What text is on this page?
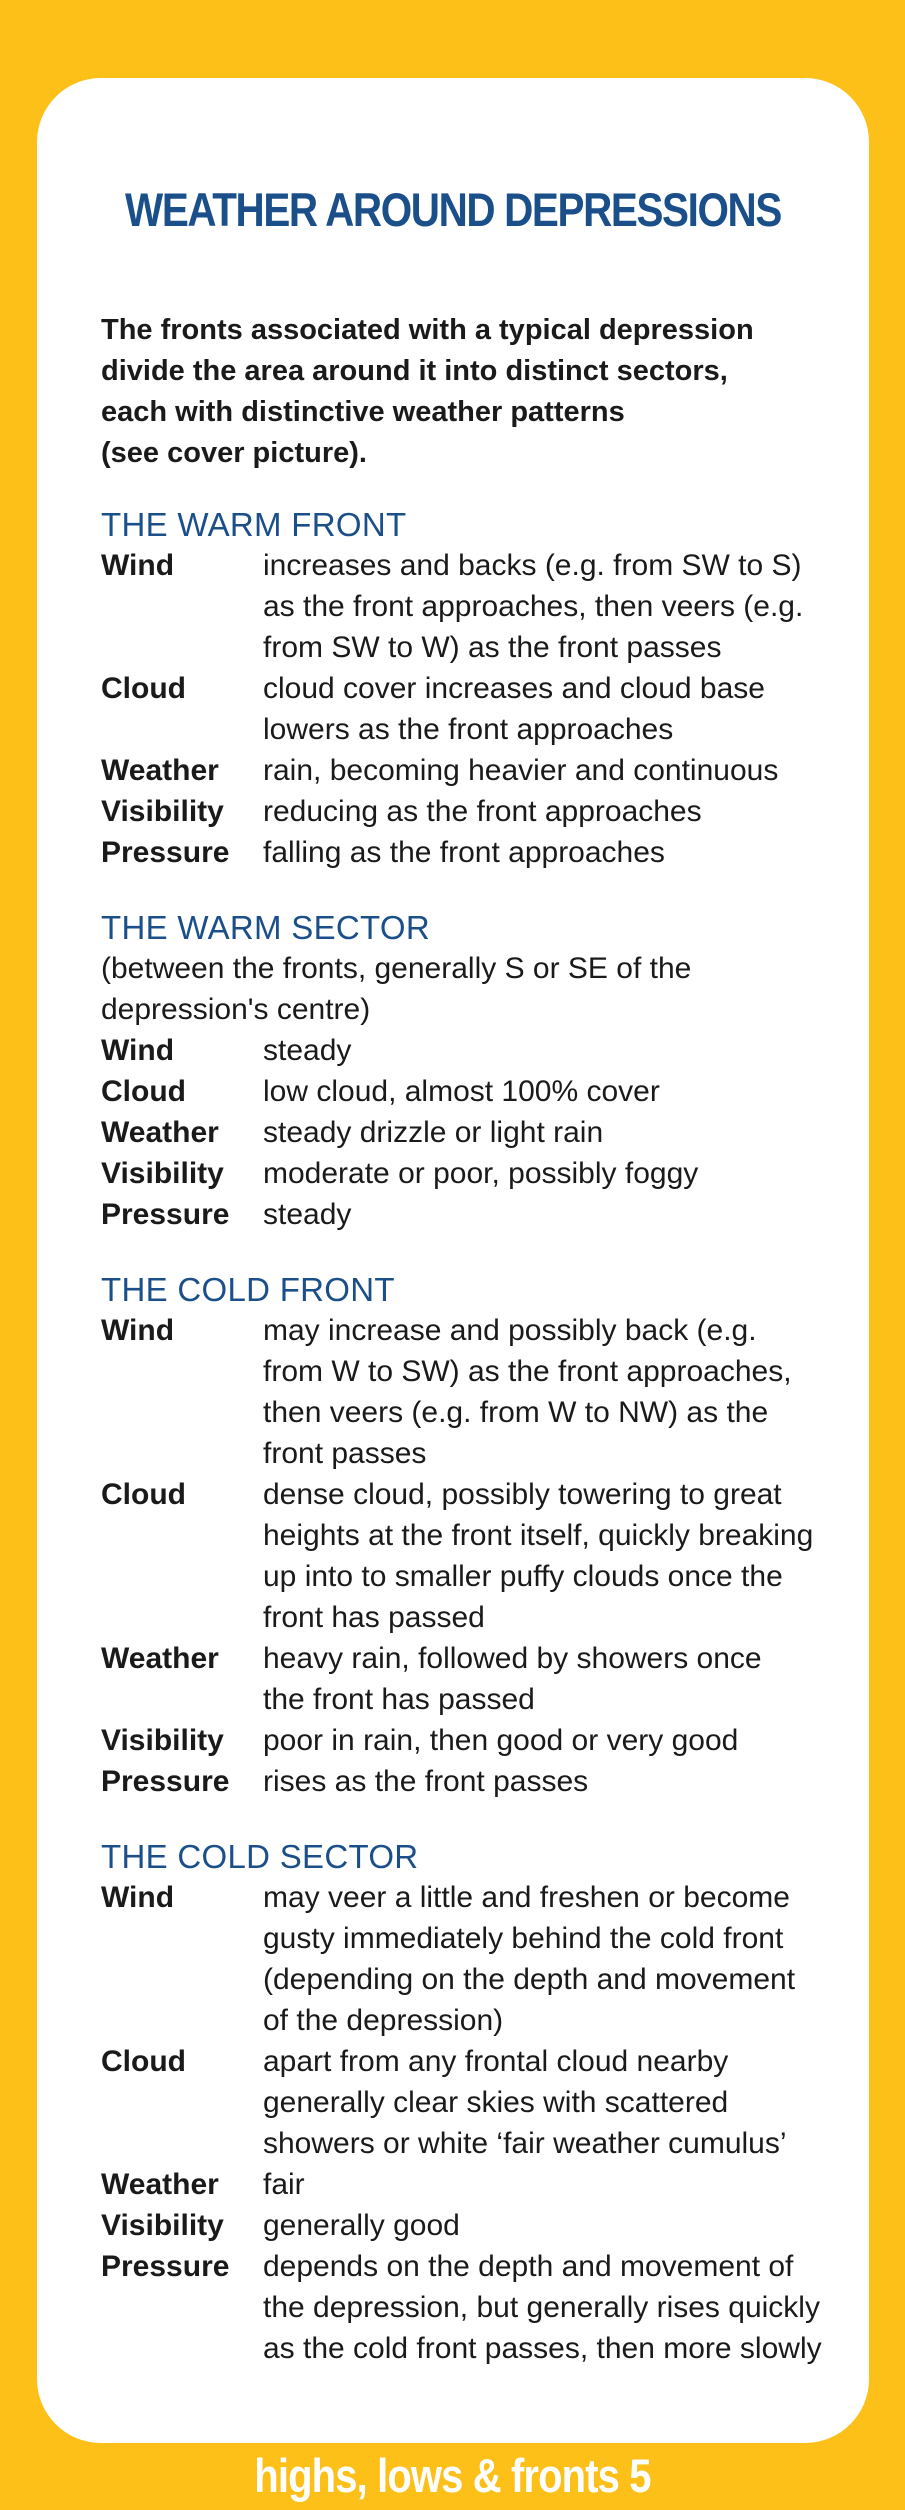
WEATHER AROUND DEPRESSIONS

The fronts associated with a typical depression
divide the area around it into distinct sectors,
each with distinctive weather patterns
(see cover picture).

THE WARM FRONT
Wind	increases and backs (e.g. from SW to S)
as the front approaches, then veers (e.g.
from SW to W) as the front passes
Cloud	cloud cover increases and cloud base
lowers as the front approaches
Weather	rain, becoming heavier and continuous
Visibility	reducing as the front approaches
Pressure	falling as the front approaches
THE WARM SECTOR

(between the fronts, generally S or SE of the
depression's centre)

Wind	steady
Cloud	low cloud, almost 100% cover
Weather	steady drizzle or light rain
Visibility	moderate or poor, possibly foggy
Pressure	steady
THE COLD FRONT
Wind	may increase and possibly back (e.g.
from W to SW) as the front approaches,
then veers (e.g. from W to NW) as the
front passes
Cloud	dense cloud, possibly towering to great
heights at the front itself, quickly breaking
up into to smaller puffy clouds once the
front has passed
Weather	heavy rain, followed by showers once
the front has passed
Visibility	poor in rain, then good or very good
Pressure	rises as the front passes
THE COLD SECTOR
Wind	may veer a little and freshen or become
gusty immediately behind the cold front
(depending on the depth and movement
of the depression)
Cloud	apart from any frontal cloud nearby
generally clear skies with scattered
showers or white ‘fair weather cumulus’
Weather	fair
Visibility	generally good
Pressure	depends on the depth and movement of
the depression, but generally rises quickly
as the cold front passes, then more slowly

highs, lows & fronts 5
